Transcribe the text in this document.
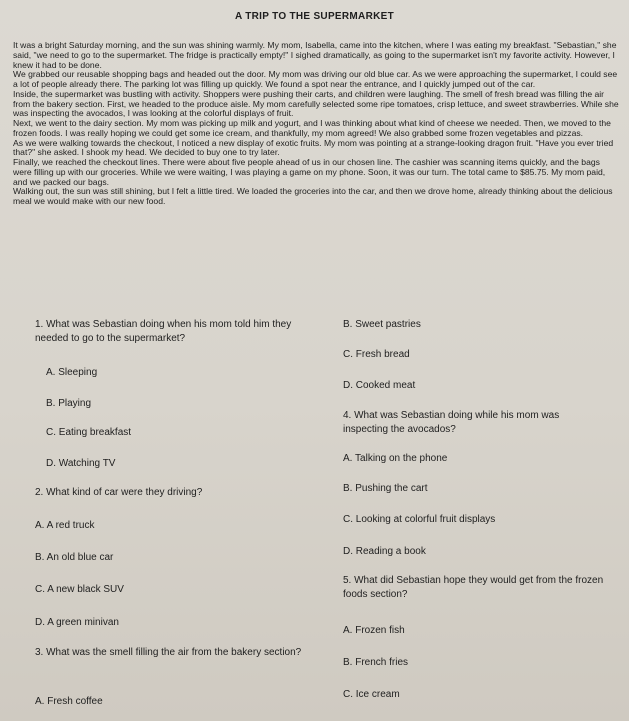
A TRIP TO THE SUPERMARKET

It was a bright Saturday morning, and the sun was shining warmly. My mom, Isabella, came into the kitchen, where I was eating my breakfast. "Sebastian," she said, "we need to go to the supermarket. The fridge is practically empty!" I sighed dramatically, as going to the supermarket isn't my favorite activity. However, I knew it had to be done.

We grabbed our reusable shopping bags and headed out the door. My mom was driving our old blue car. As we were approaching the supermarket, I could see a lot of people already there. The parking lot was filling up quickly. We found a spot near the entrance, and I quickly jumped out of the car.

Inside, the supermarket was bustling with activity. Shoppers were pushing their carts, and children were laughing. The smell of fresh bread was filling the air from the bakery section. First, we headed to the produce aisle. My mom carefully selected some ripe tomatoes, crisp lettuce, and sweet strawberries. While she was inspecting the avocados, I was looking at the colorful displays of fruit.

Next, we went to the dairy section. My mom was picking up milk and yogurt, and I was thinking about what kind of cheese we needed. Then, we moved to the frozen foods. I was really hoping we could get some ice cream, and thankfully, my mom agreed! We also grabbed some frozen vegetables and pizzas.

As we were walking towards the checkout, I noticed a new display of exotic fruits. My mom was pointing at a strange-looking dragon fruit. "Have you ever tried that?" she asked. I shook my head. We decided to buy one to try later.

Finally, we reached the checkout lines. There were about five people ahead of us in our chosen line. The cashier was scanning items quickly, and the bags were filling up with our groceries. While we were waiting, I was playing a game on my phone. Soon, it was our turn. The total came to $85.75. My mom paid, and we packed our bags.

Walking out, the sun was still shining, but I felt a little tired. We loaded the groceries into the car, and then we drove home, already thinking about the delicious meal we would make with our new food.

1. What was Sebastian doing when his mom told him they needed to go to the supermarket?

A. Sleeping

B. Playing

C. Eating breakfast

D. Watching TV

2. What kind of car were they driving?

A. A red truck

B. An old blue car

C. A new black SUV

D. A green minivan

3. What was the smell filling the air from the bakery section?

A. Fresh coffee

B. Sweet pastries

C. Fresh bread

D. Cooked meat

4. What was Sebastian doing while his mom was inspecting the avocados?

A. Talking on the phone

B. Pushing the cart

C. Looking at colorful fruit displays

D. Reading a book

5. What did Sebastian hope they would get from the frozen foods section?

A. Frozen fish

B. French fries

C. Ice cream
